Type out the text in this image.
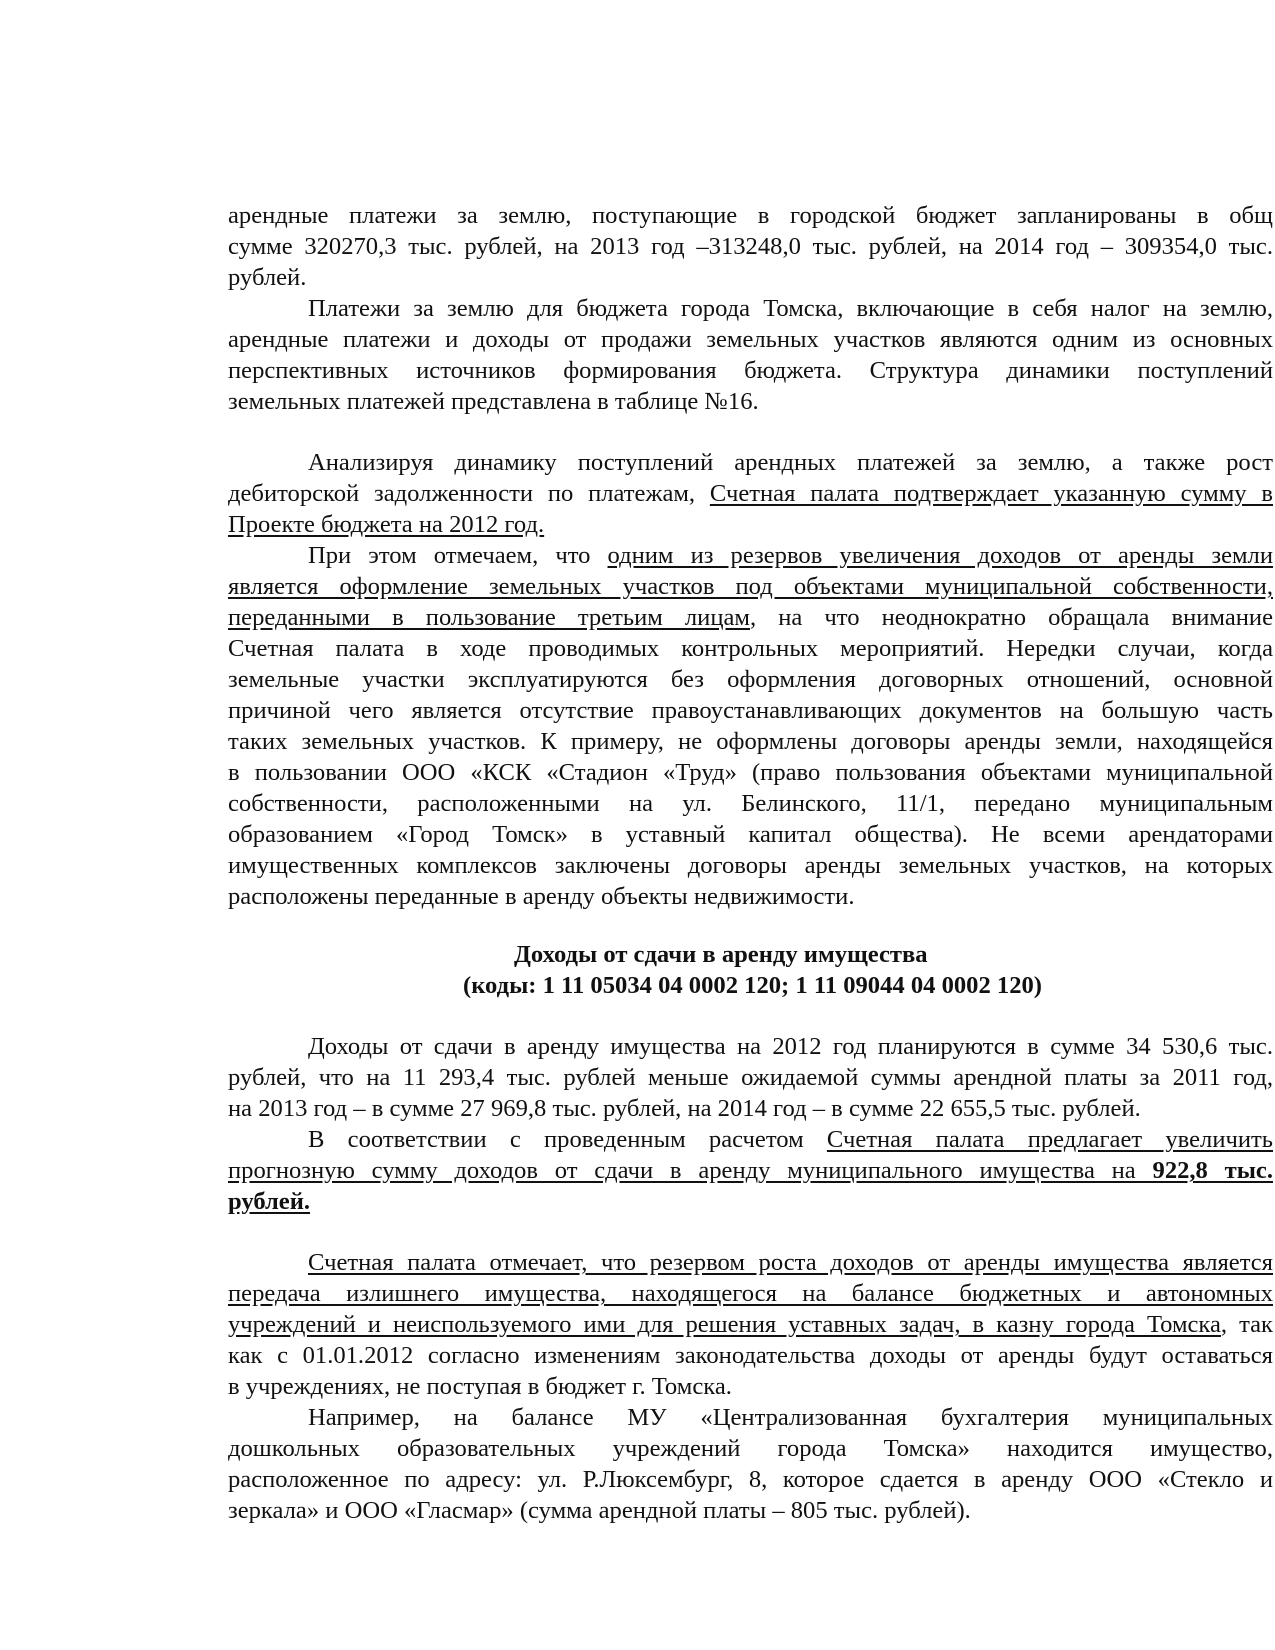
арендные платежи за землю, поступающие в городской бюджет запланированы в общ
сумме 320270,3 тыс. рублей, на 2013 год –313248,0 тыс. рублей, на 2014 год – 309354,0 тыс.
рублей.
Платежи за землю для бюджета города Томска, включающие в себя налог на землю,
арендные платежи и доходы от продажи земельных участков являются одним из основных
перспективных источников формирования бюджета. Структура динамики поступлений
земельных платежей представлена в таблице №16.
Анализируя динамику поступлений арендных платежей за землю, а также рост
дебиторской задолженности по платежам, Счетная палата подтверждает указанную сумму в
Проекте бюджета на 2012 год.
При этом отмечаем, что одним из резервов увеличения доходов от аренды земли
является оформление земельных участков под объектами муниципальной собственности,
переданными в пользование третьим лицам, на что неоднократно обращала внимание
Счетная палата в ходе проводимых контрольных мероприятий. Нередки случаи, когда
земельные участки эксплуатируются без оформления договорных отношений, основной
причиной чего является отсутствие правоустанавливающих документов на большую часть
таких земельных участков. К примеру, не оформлены договоры аренды земли, находящейся
в пользовании ООО «КСК «Стадион «Труд» (право пользования объектами муниципальной
собственности, расположенными на ул. Белинского, 11/1, передано муниципальным
образованием «Город Томск» в уставный капитал общества). Не всеми арендаторами
имущественных комплексов заключены договоры аренды земельных участков, на которых
расположены переданные в аренду объекты недвижимости.
Доходы от сдачи в аренду имущества
(коды: 1 11 05034 04 0002 120; 1 11 09044 04 0002 120)
Доходы от сдачи в аренду имущества на 2012 год планируются в сумме 34 530,6 тыс.
рублей, что на 11 293,4 тыс. рублей меньше ожидаемой суммы арендной платы за 2011 год,
на 2013 год – в сумме 27 969,8 тыс. рублей, на 2014 год – в сумме 22 655,5 тыс. рублей.
В соответствии с проведенным расчетом Счетная палата предлагает увеличить
прогнозную сумму доходов от сдачи в аренду муниципального имущества на 922,8 тыс.
рублей.
Счетная палата отмечает, что резервом роста доходов от аренды имущества является
передача излишнего имущества, находящегося на балансе бюджетных и автономных
учреждений и неиспользуемого ими для решения уставных задач, в казну города Томска, так
как с 01.01.2012 согласно изменениям законодательства доходы от аренды будут оставаться
в учреждениях, не поступая в бюджет г. Томска.
Например, на балансе МУ «Централизованная бухгалтерия муниципальных
дошкольных образовательных учреждений города Томска» находится имущество,
расположенное по адресу: ул. Р.Люксембург, 8, которое сдается в аренду ООО «Стекло и
зеркала» и ООО «Гласмар» (сумма арендной платы – 805 тыс. рублей).
